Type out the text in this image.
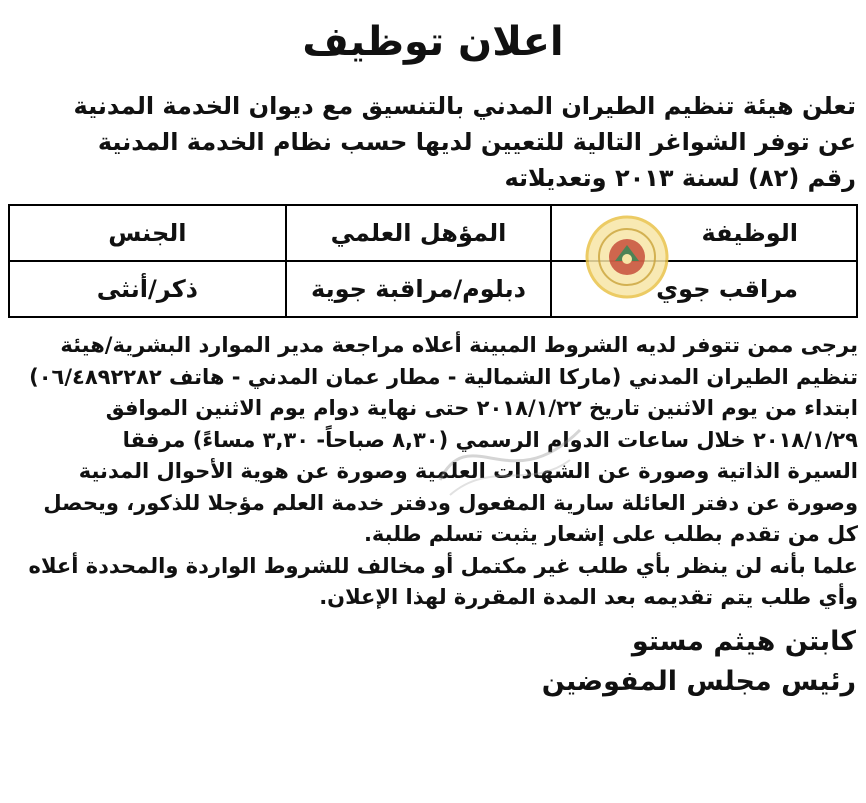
اعلان توظيف
تعلن هيئة تنظيم الطيران المدني بالتنسيق مع ديوان الخدمة المدنية
عن توفر الشواغر التالية للتعيين لديها حسب نظام الخدمة المدنية
رقم (٨٢) لسنة ٢٠١٣ وتعديلاته
الوظيفة	المؤهل العلمي	الجنس
مراقب جوي	دبلوم/مراقبة جوية	ذكر/أنثى
يرجى ممن تتوفر لديه الشروط المبينة أعلاه مراجعة مدير الموارد البشرية/هيئة
تنظيم الطيران المدني (ماركا الشمالية - مطار عمان المدني - هاتف ٠٦/٤٨٩٢٢٨٢)
ابتداء من يوم الاثنين تاريخ ٢٠١٨/١/٢٢ حتى نهاية دوام يوم الاثنين الموافق
٢٠١٨/١/٢٩ خلال ساعات الدوام الرسمي (٨,٣٠ صباحاً- ٣,٣٠ مساءً) مرفقا
السيرة الذاتية وصورة عن الشهادات العلمية وصورة عن هوية الأحوال المدنية
وصورة عن دفتر العائلة سارية المفعول ودفتر خدمة العلم مؤجلا للذكور، ويحصل
كل من تقدم بطلب على إشعار يثبت تسلم طلبة.
علما بأنه لن ينظر بأي طلب غير مكتمل أو مخالف للشروط الواردة والمحددة أعلاه
وأي طلب يتم تقديمه بعد المدة المقررة لهذا الإعلان.
كابتن هيثم مستو
رئيس مجلس المفوضين
